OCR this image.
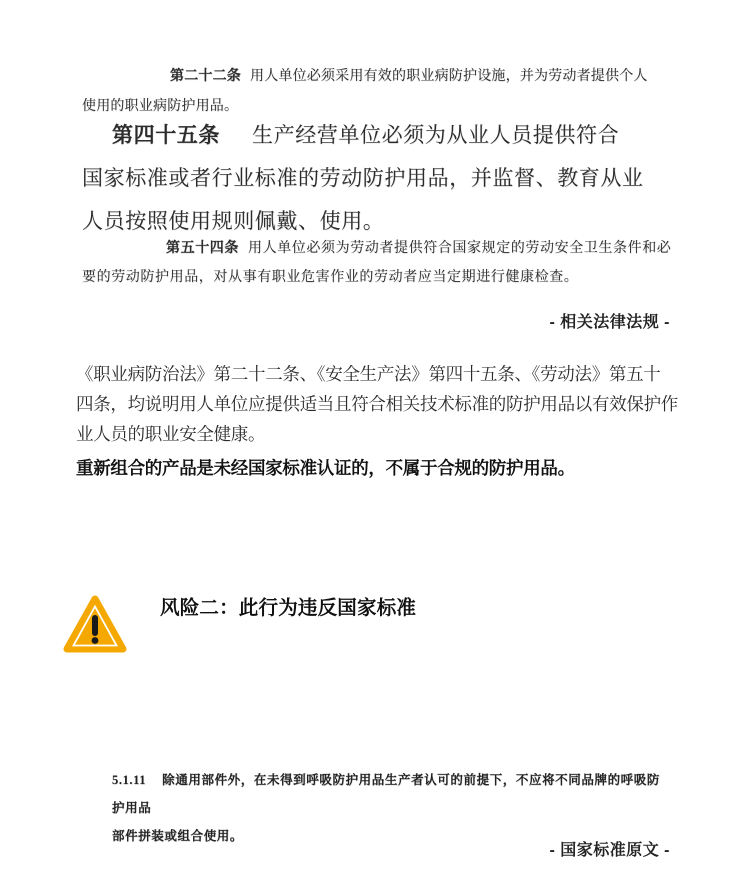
第二十二条 用人单位必须采用有效的职业病防护设施，并为劳动者提供个人
使用的职业病防护用品。
第四十五条 生产经营单位必须为从业人员提供符合
国家标准或者行业标准的劳动防护用品，并监督、教育从业
人员按照使用规则佩戴、使用。
第五十四条 用人单位必须为劳动者提供符合国家规定的劳动安全卫生条件和必
要的劳动防护用品，对从事有职业危害作业的劳动者应当定期进行健康检查。
- 相关法律法规 -
《职业病防治法》第二十二条、《安全生产法》第四十五条、《劳动法》第五十
四条，均说明用人单位应提供适当且符合相关技术标准的防护用品以有效保护作
业人员的职业安全健康。
重新组合的产品是未经国家标准认证的，不属于合规的防护用品。
风险二：此行为违反国家标准
5.1.11 除通用部件外，在未得到呼吸防护用品生产者认可的前提下，不应将不同品牌的呼吸防护用品
部件拼装或组合使用。
- 国家标准原文 -
